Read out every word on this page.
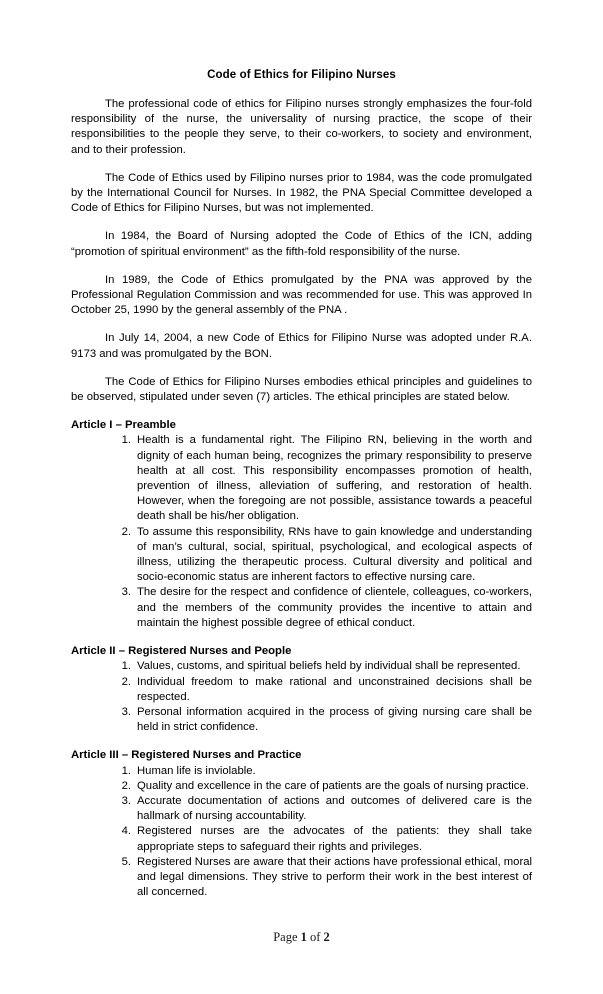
Code of Ethics for Filipino Nurses

The professional code of ethics for Filipino nurses strongly emphasizes the four-fold responsibility of the nurse, the universality of nursing practice, the scope of their responsibilities to the people they serve, to their co-workers, to society and environment, and to their profession.

The Code of Ethics used by Filipino nurses prior to 1984, was the code promulgated by the International Council for Nurses. In 1982, the PNA Special Committee developed a Code of Ethics for Filipino Nurses, but was not implemented.

In 1984, the Board of Nursing adopted the Code of Ethics of the ICN, adding “promotion of spiritual environment” as the fifth-fold responsibility of the nurse.

In 1989, the Code of Ethics promulgated by the PNA was approved by the Professional Regulation Commission and was recommended for use. This was approved In October 25, 1990 by the general assembly of the PNA .

In July 14, 2004, a new Code of Ethics for Filipino Nurse was adopted under R.A. 9173 and was promulgated by the BON.

The Code of Ethics for Filipino Nurses embodies ethical principles and guidelines to be observed, stipulated under seven (7) articles. The ethical principles are stated below.

Article I – Preamble
Health is a fundamental right. The Filipino RN, believing in the worth and dignity of each human being, recognizes the primary responsibility to preserve health at all cost. This responsibility encompasses promotion of health, prevention of illness, alleviation of suffering, and restoration of health. However, when the foregoing are not possible, assistance towards a peaceful death shall be his/her obligation.
To assume this responsibility, RNs have to gain knowledge and understanding of man’s cultural, social, spiritual, psychological, and ecological aspects of illness, utilizing the therapeutic process. Cultural diversity and political and socio-economic status are inherent factors to effective nursing care.
The desire for the respect and confidence of clientele, colleagues, co-workers, and the members of the community provides the incentive to attain and maintain the highest possible degree of ethical conduct.
Article II – Registered Nurses and People
Values, customs, and spiritual beliefs held by individual shall be represented.
Individual freedom to make rational and unconstrained decisions shall be respected.
Personal information acquired in the process of giving nursing care shall be held in strict confidence.
Article III – Registered Nurses and Practice
Human life is inviolable.
Quality and excellence in the care of patients are the goals of nursing practice.
Accurate documentation of actions and outcomes of delivered care is the hallmark of nursing accountability.
Registered nurses are the advocates of the patients: they shall take appropriate steps to safeguard their rights and privileges.
Registered Nurses are aware that their actions have professional ethical, moral and legal dimensions. They strive to perform their work in the best interest of all concerned.
Page 1 of 2
